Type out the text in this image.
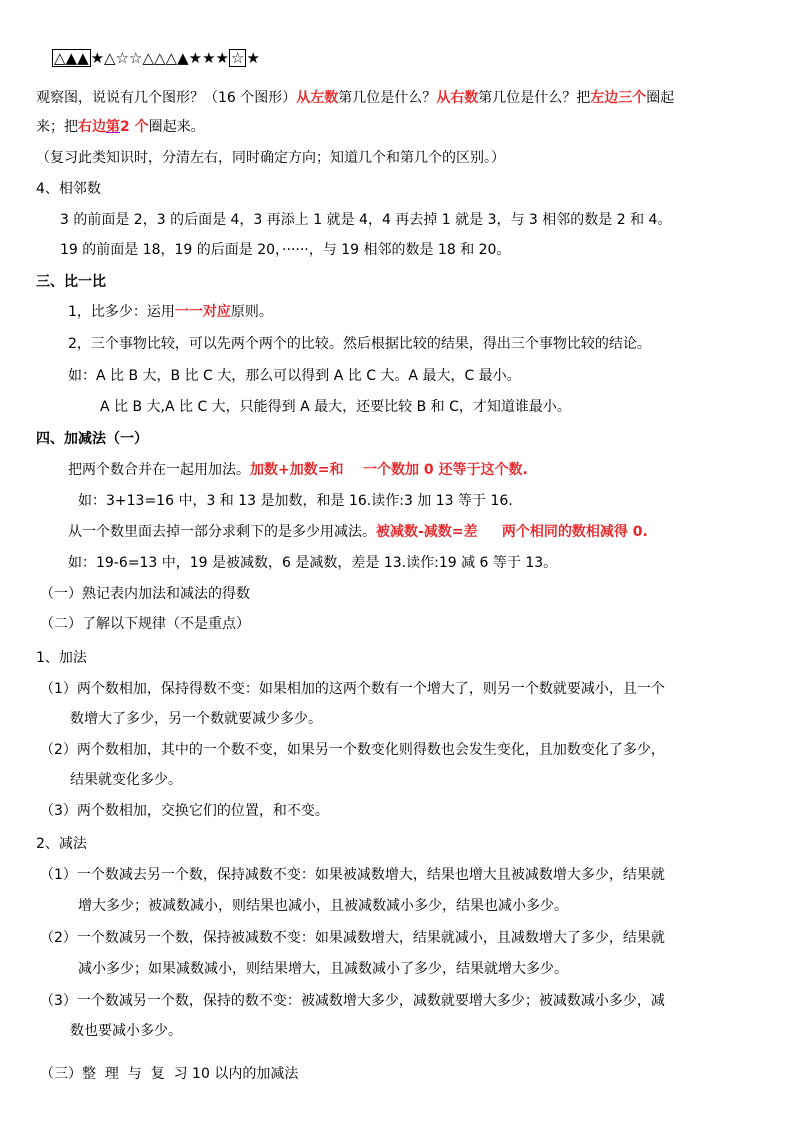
△▲▲ ★△☆☆△△△▲★★★ ☆ ★
观察图，说说有几个图形？（16 个图形）从左数第几位是什么？从右数第几位是什么？把左边三个圈起
来；把右边第2 个圈起来。
（复习此类知识时，分清左右，同时确定方向；知道几个和第几个的区别。）
4、相邻数
3 的前面是 2，3 的后面是 4，3 再添上 1 就是 4，4 再去掉 1 就是 3，与 3 相邻的数是 2 和 4。
19 的前面是 18，19 的后面是 20，······，与 19 相邻的数是 18 和 20。
三、比一比
1，比多少：运用一一对应原则。
2，三个事物比较，可以先两个两个的比较。然后根据比较的结果，得出三个事物比较的结论。
如：A 比 B 大，B 比 C 大，那么可以得到 A 比 C 大。A 最大，C 最小。
A 比 B 大,A 比 C 大，只能得到 A 最大，还要比较 B 和 C，才知道谁最小。
四、加减法（一）
把两个数合并在一起用加法。加数+加数=和    一个数加 0 还等于这个数.
如：3+13=16 中，3 和 13 是加数，和是 16.读作:3 加 13 等于 16.
从一个数里面去掉一部分求剩下的是多少用减法。被减数-减数=差     两个相同的数相减得 0.
如：19-6=13 中，19 是被减数，6 是减数，差是 13.读作:19 减 6 等于 13。
（一）熟记表内加法和减法的得数
（二）了解以下规律（不是重点）
1、加法
（1）两个数相加，保持得数不变：如果相加的这两个数有一个增大了，则另一个数就要减小，且一个
数增大了多少，另一个数就要减少多少。
（2）两个数相加，其中的一个数不变，如果另一个数变化则得数也会发生变化，且加数变化了多少，
结果就变化多少。
（3）两个数相加，交换它们的位置，和不变。
2、减法
（1）一个数减去另一个数，保持减数不变：如果被减数增大，结果也增大且被减数增大多少，结果就
增大多少；被减数减小，则结果也减小，且被减数减小多少，结果也减小多少。
（2）一个数减另一个数，保持被减数不变：如果减数增大，结果就减小，且减数增大了多少，结果就
减小多少；如果减数减小，则结果增大，且减数减小了多少，结果就增大多少。
（3）一个数减另一个数，保持的数不变：被减数增大多少，减数就要增大多少；被减数减小多少，减
数也要减小多少。
（三）整  理  与  复  习 10 以内的加减法
